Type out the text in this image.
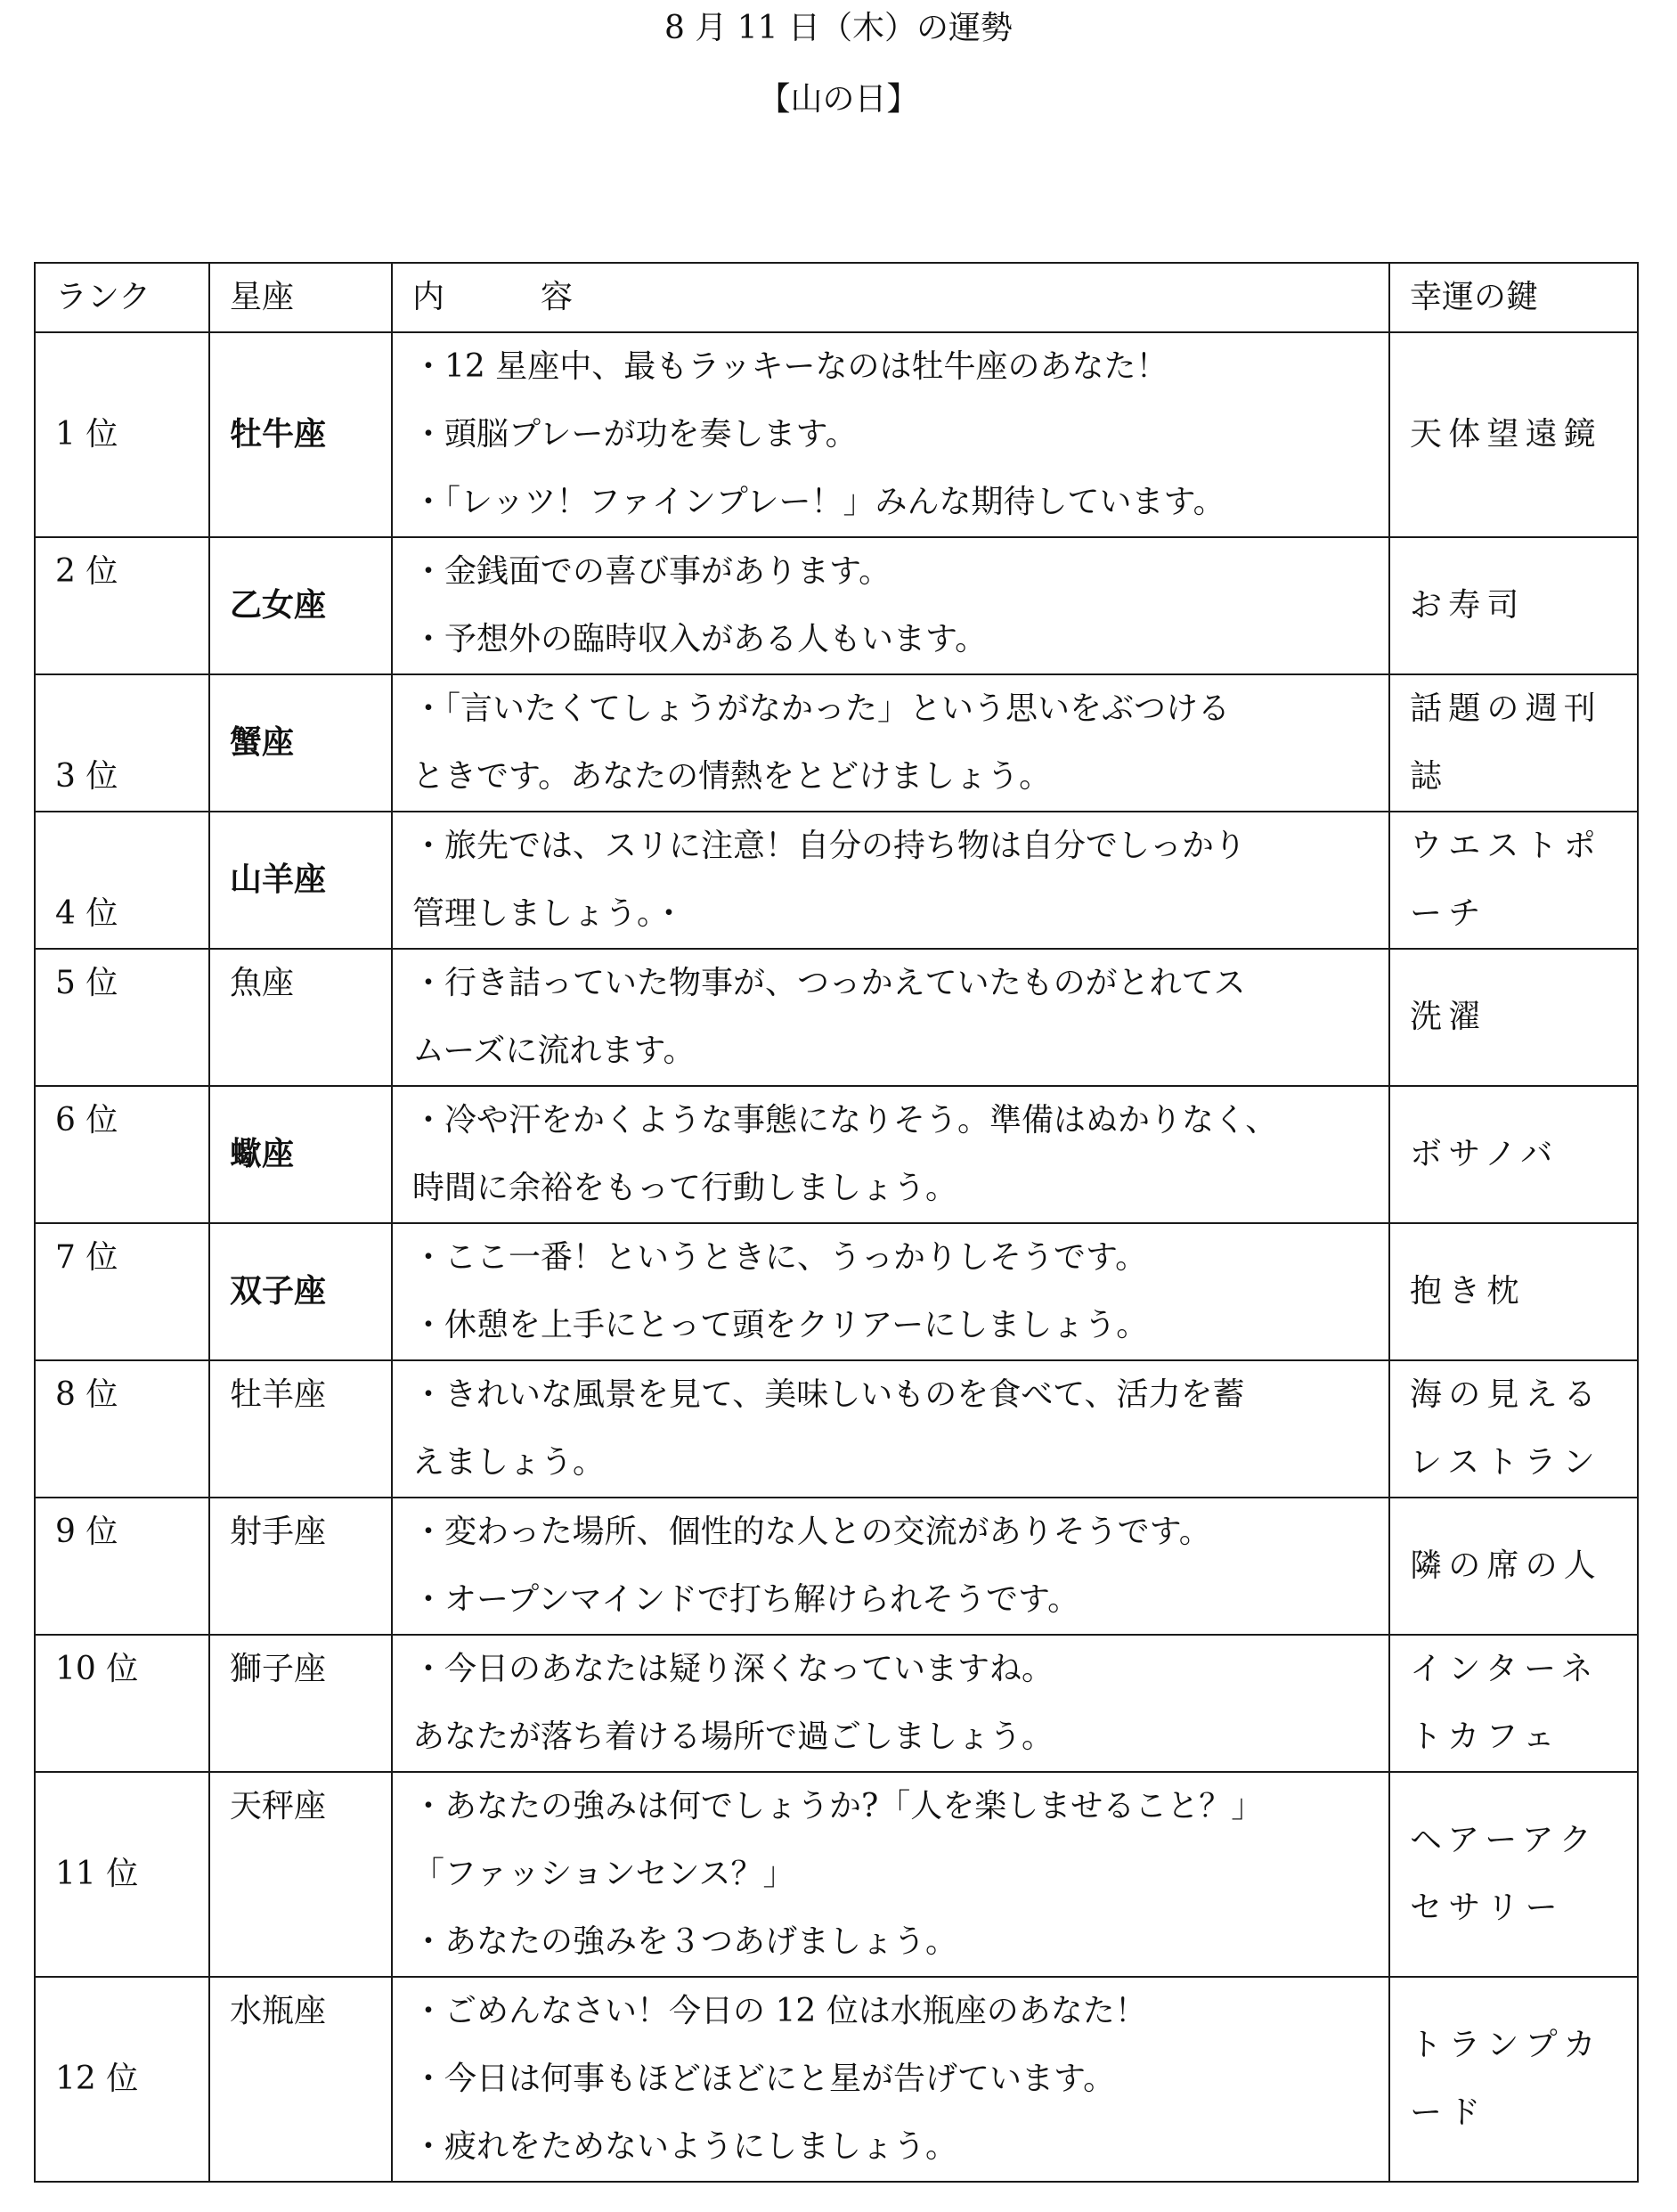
8 月 11 日（木）の運勢
【山の日】
ランク	星座	内　　　容	幸運の鍵
1 位	牡牛座	・12 星座中、最もラッキーなのは牡牛座のあなた！
・頭脳プレーが功を奏します。
・「レッツ！ファインプレー！」みんな期待しています。	天体望遠鏡

2 位	乙女座	・金銭面での喜び事があります。
・予想外の臨時収入がある人もいます。	お寿司

3 位	蟹座	・「言いたくてしょうがなかった」という思いをぶつける
ときです。あなたの情熱をとどけましょう。	話題の週刊
誌

4 位	山羊座	・旅先では、スリに注意！自分の持ち物は自分でしっかり
管理しましょう。・	ウエストポ
ーチ

5 位	魚座	・行き詰っていた物事が、つっかえていたものがとれてス
ムーズに流れます。	洗濯

6 位	蠍座	・冷や汗をかくような事態になりそう。準備はぬかりなく、
時間に余裕をもって行動しましょう。	ボサノバ

7 位	双子座	・ここ一番！というときに、うっかりしそうです。
・休憩を上手にとって頭をクリアーにしましょう。	抱き枕

8 位	牡羊座	・きれいな風景を見て、美味しいものを食べて、活力を蓄
えましょう。	海の見える
レストラン

9 位	射手座	・変わった場所、個性的な人との交流がありそうです。
・オープンマインドで打ち解けられそうです。	隣の席の人

10 位	獅子座	・今日のあなたは疑り深くなっていますね。
あなたが落ち着ける場所で過ごしましょう。	インターネ
トカフェ

11 位	天秤座	・あなたの強みは何でしょうか?「人を楽しませること？」
「ファッションセンス？」
・あなたの強みを３つあげましょう。	ヘアーアク
セサリー

12 位	水瓶座	・ごめんなさい！今日の 12 位は水瓶座のあなた！
・今日は何事もほどほどにと星が告げています。
・疲れをためないようにしましょう。	トランプカ
ード
